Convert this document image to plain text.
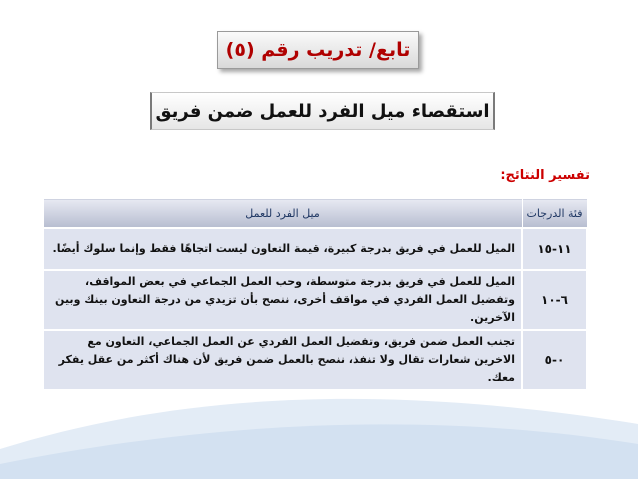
تابع/ تدريب رقم (٥)
استقصاء ميل الفرد للعمل ضمن فريق
تفسير النتائج:
فئة الدرجات	ميل الفرد للعمل
١١-١٥	الميل للعمل في فريق بدرجة كبيرة، قيمة التعاون ليست اتجاهًا فقط وإنما سلوك أيضًا.
٦-١٠	الميل للعمل في فريق بدرجة متوسطة، وحب العمل الجماعي في بعض المواقف، وتفضيل العمل الفردي في مواقف أخرى، ننصح بأن تزيدي من درجة التعاون بينك وبين الآخرين.
٠-٥	تجنب العمل ضمن فريق، وتفضيل العمل الفردي عن العمل الجماعي، التعاون مع الاخرين شعارات تقال ولا تنفذ، ننصح بالعمل ضمن فريق لأن هناك أكثر من عقل يفكر معك.
